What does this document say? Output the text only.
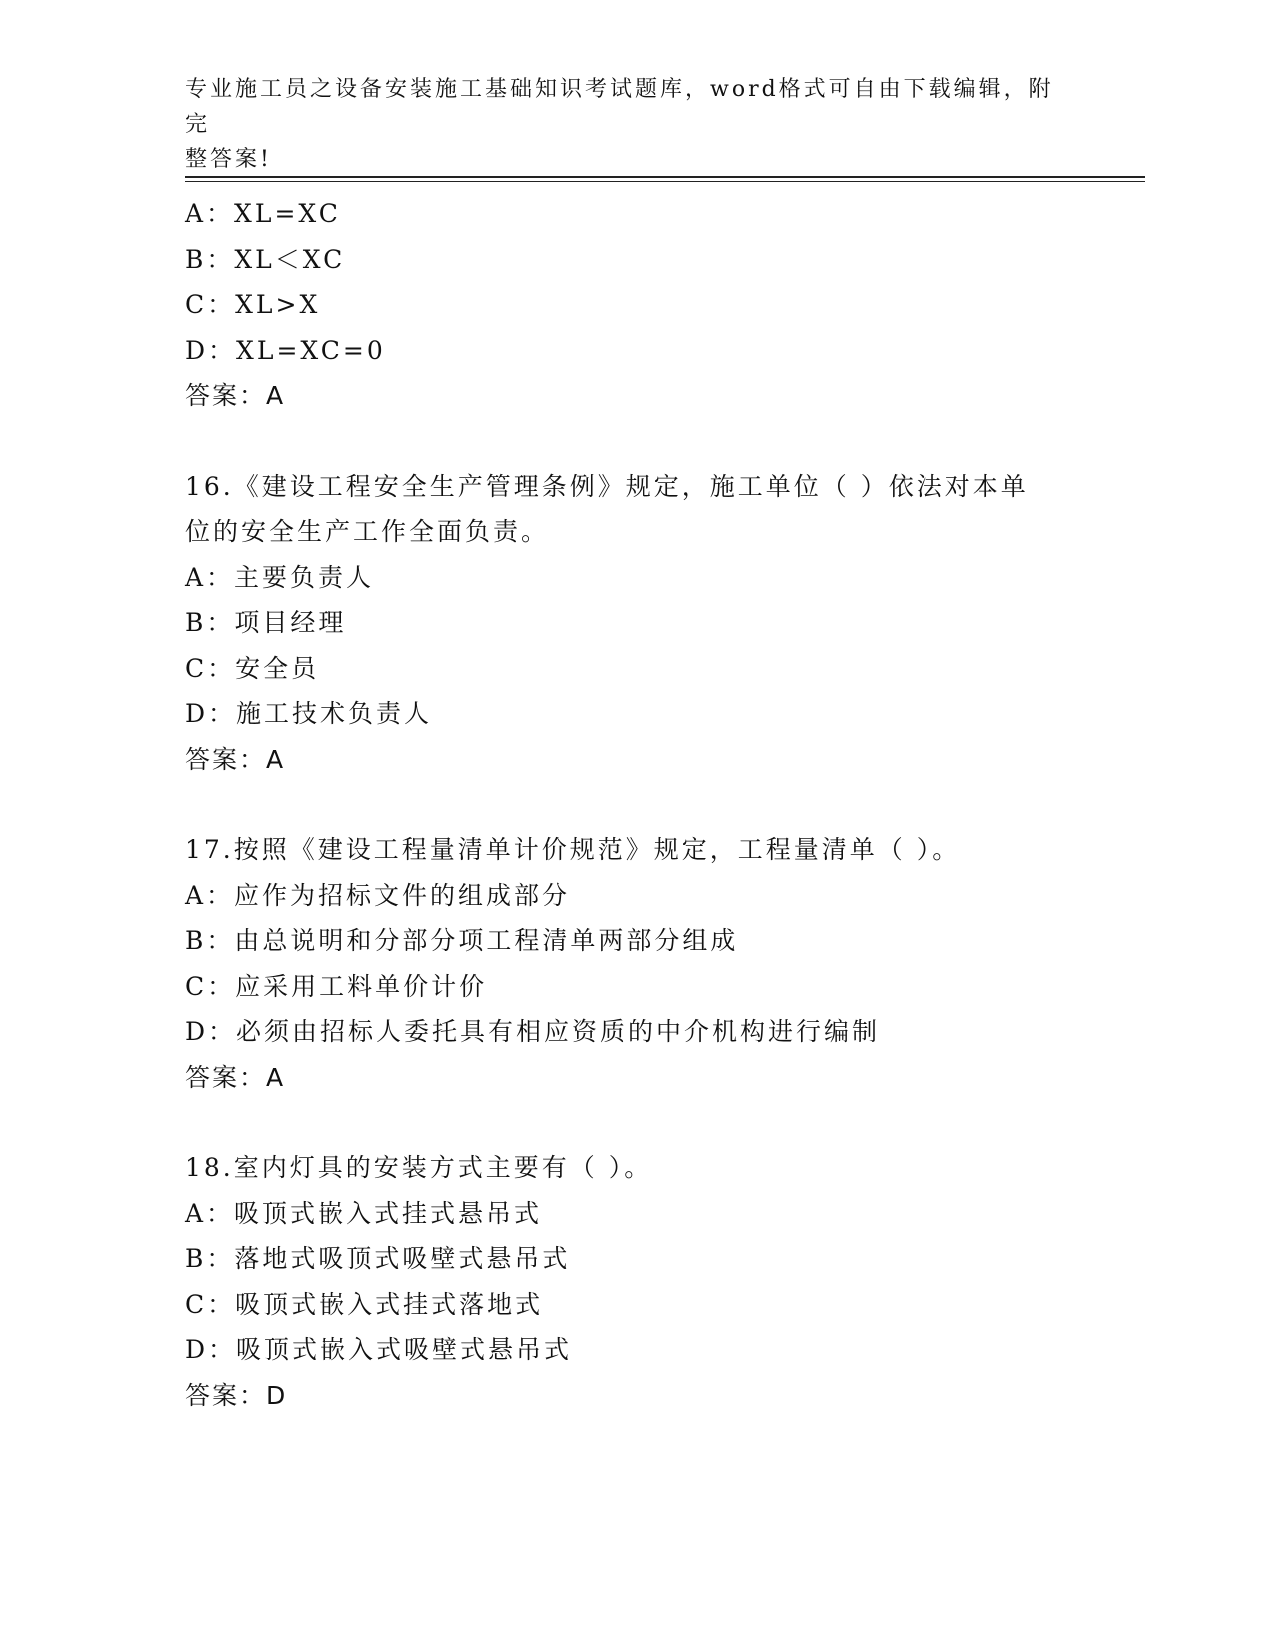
专业施工员之设备安装施工基础知识考试题库，word格式可自由下载编辑，附完
整答案!
A：XL=XC
B：XL＜XC
C：XL>X
D：XL=XC=0
答案：A
16.《建设工程安全生产管理条例》规定，施工单位（ ）依法对本单
位的安全生产工作全面负责。
A：主要负责人
B：项目经理
C：安全员
D：施工技术负责人
答案：A
17.按照《建设工程量清单计价规范》规定，工程量清单（ ）。
A：应作为招标文件的组成部分
B：由总说明和分部分项工程清单两部分组成
C：应采用工料单价计价
D：必须由招标人委托具有相应资质的中介机构进行编制
答案：A
18.室内灯具的安装方式主要有（ ）。
A：吸顶式嵌入式挂式悬吊式
B：落地式吸顶式吸壁式悬吊式
C：吸顶式嵌入式挂式落地式
D：吸顶式嵌入式吸壁式悬吊式
答案：D
